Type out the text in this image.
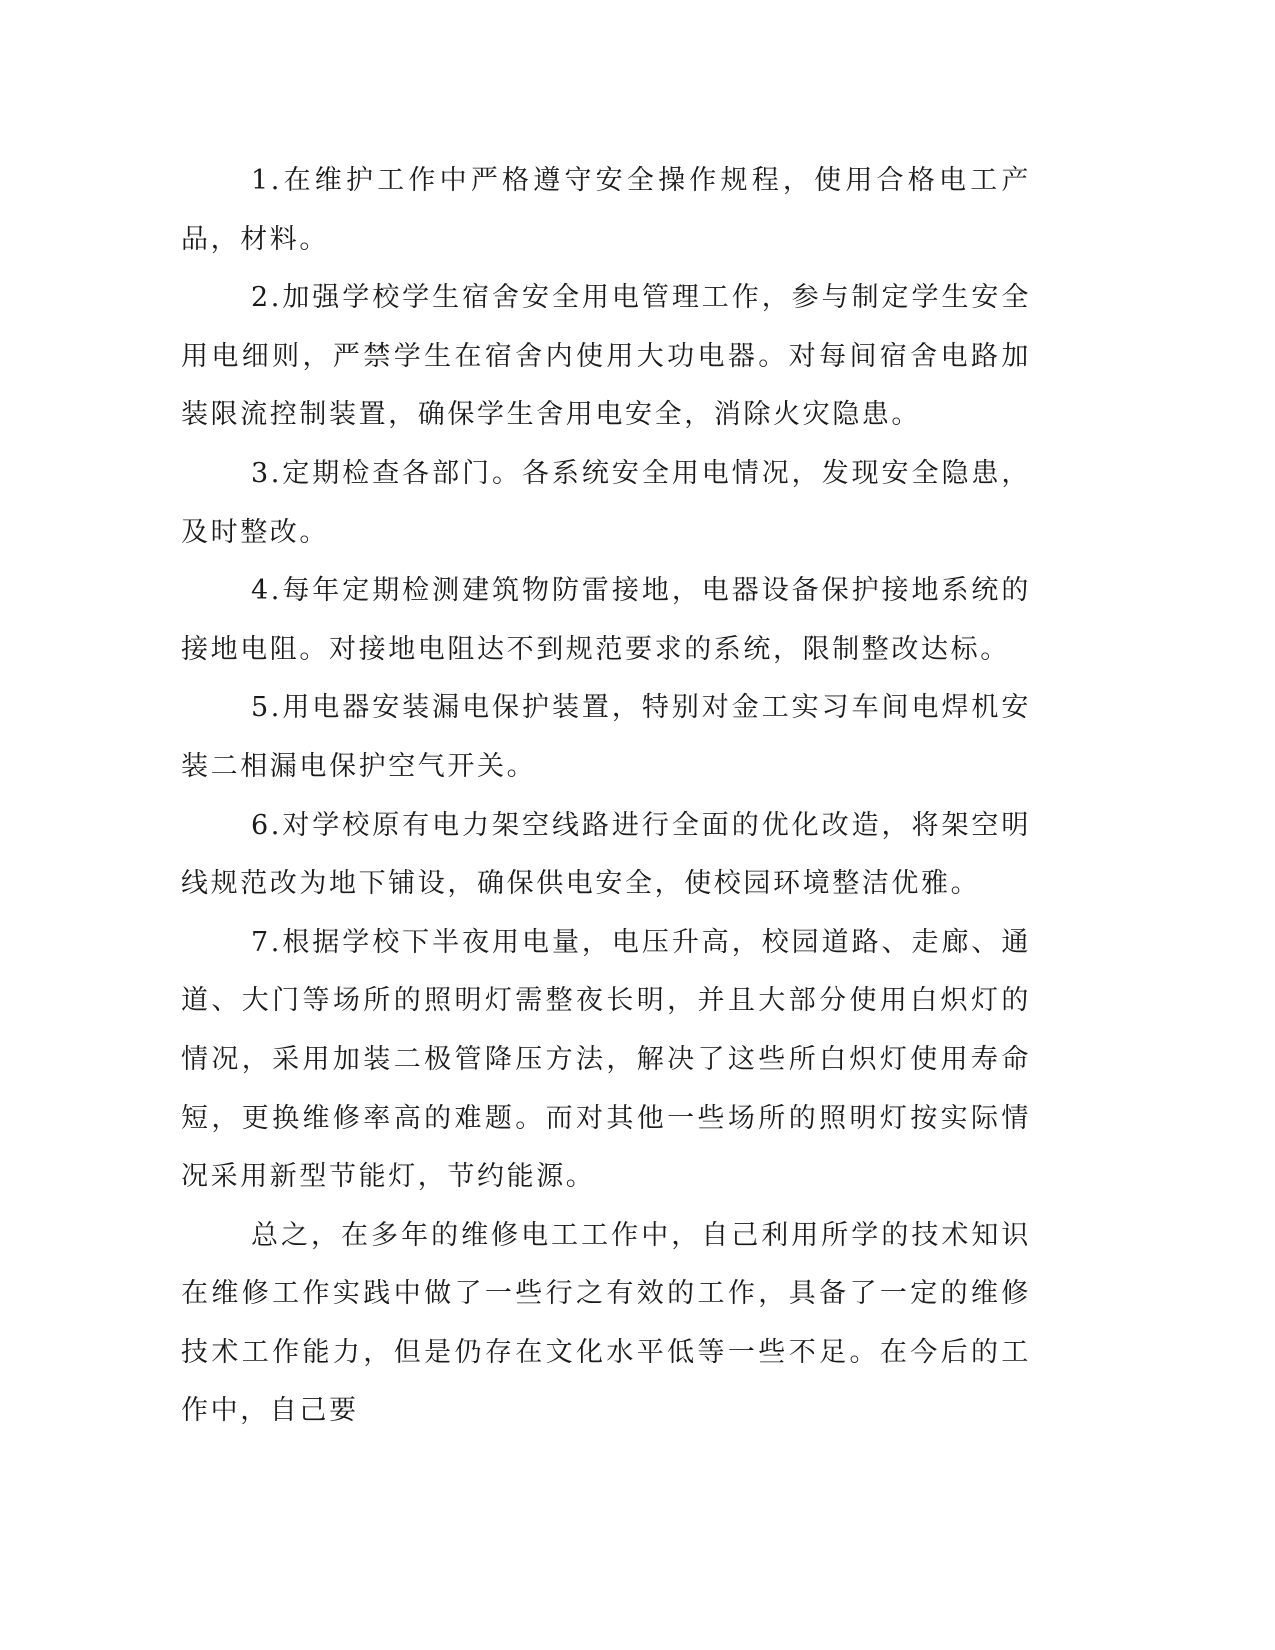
1.在维护工作中严格遵守安全操作规程，使用合格电工产品，材料。

2.加强学校学生宿舍安全用电管理工作，参与制定学生安全用电细则，严禁学生在宿舍内使用大功电器。对每间宿舍电路加装限流控制装置，确保学生舍用电安全，消除火灾隐患。

3.定期检查各部门。各系统安全用电情况，发现安全隐患，及时整改。

4.每年定期检测建筑物防雷接地，电器设备保护接地系统的接地电阻。对接地电阻达不到规范要求的系统，限制整改达标。

5.用电器安装漏电保护装置，特别对金工实习车间电焊机安装二相漏电保护空气开关。

6.对学校原有电力架空线路进行全面的优化改造，将架空明线规范改为地下铺设，确保供电安全，使校园环境整洁优雅。

7.根据学校下半夜用电量，电压升高，校园道路、走廊、通道、大门等场所的照明灯需整夜长明，并且大部分使用白炽灯的情况，采用加装二极管降压方法，解决了这些所白炽灯使用寿命短，更换维修率高的难题。而对其他一些场所的照明灯按实际情况采用新型节能灯，节约能源。

总之，在多年的维修电工工作中，自己利用所学的技术知识在维修工作实践中做了一些行之有效的工作，具备了一定的维修技术工作能力，但是仍存在文化水平低等一些不足。在今后的工作中，自己要
